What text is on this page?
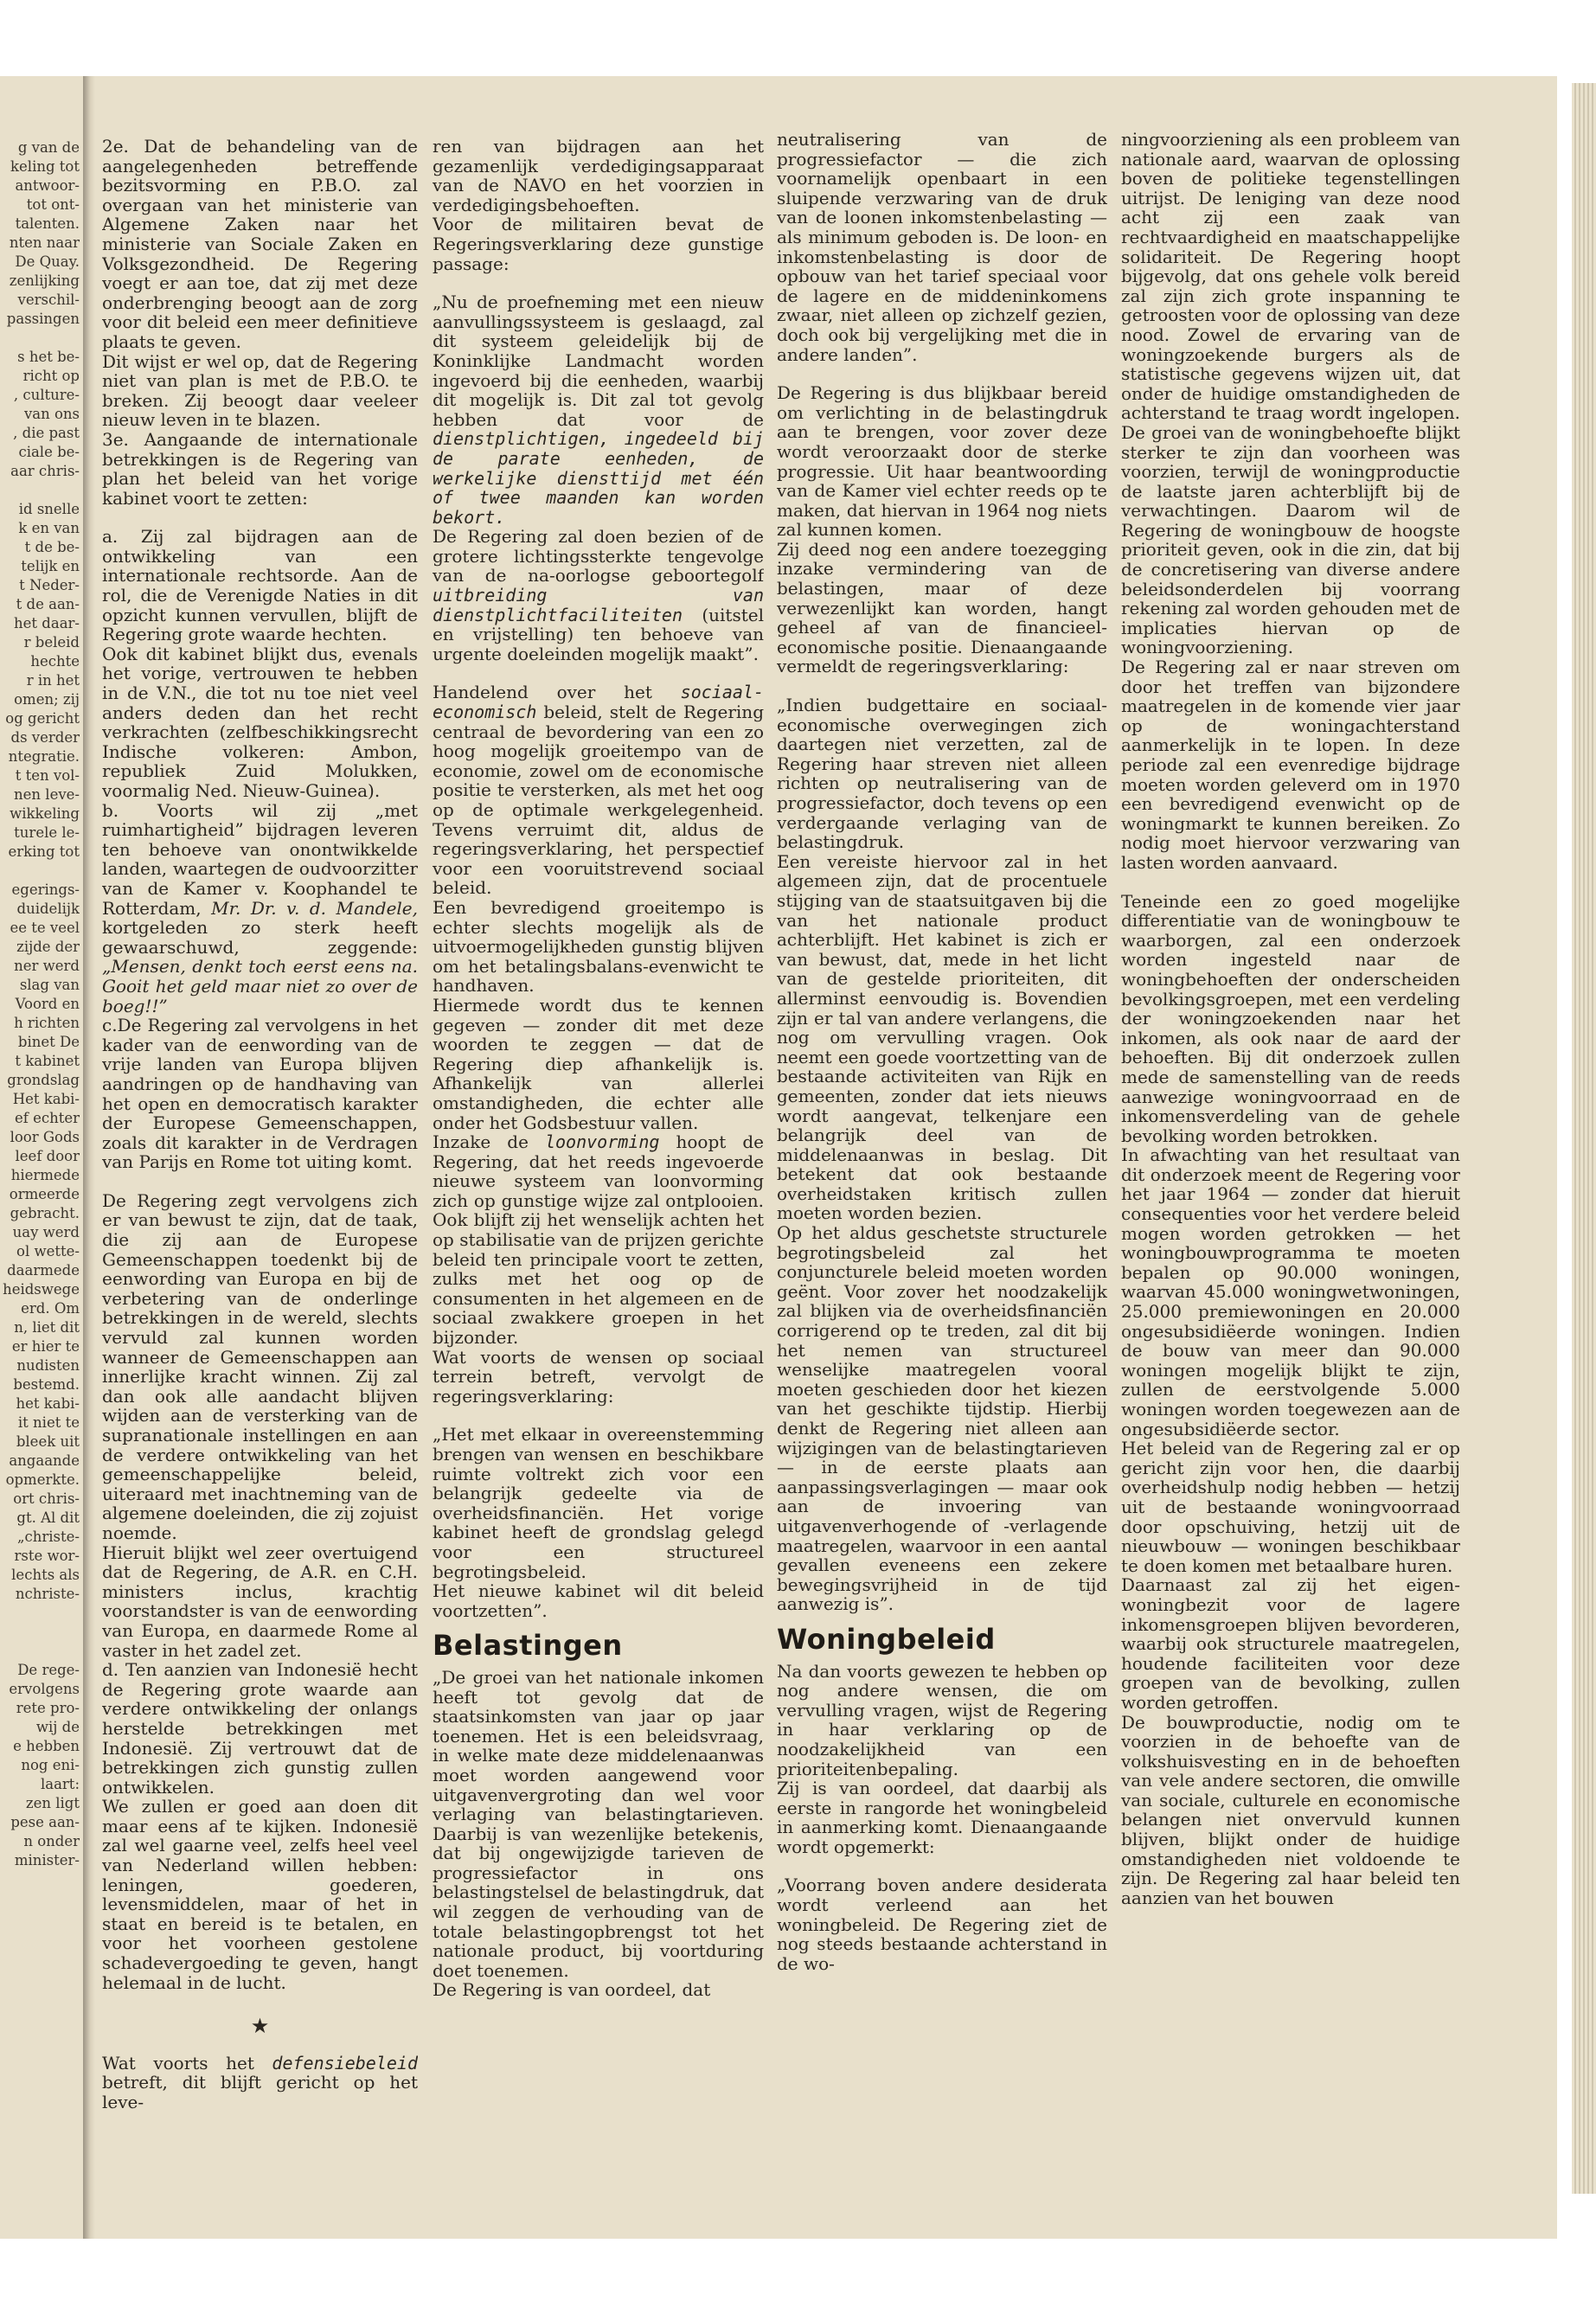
g van de
keling tot
antwoor-
tot ont-
talenten.
nten naar
De Quay.
zenlijking
verschil-
passingen

s het be-
richt op
, culture-
van ons
, die past
ciale be-
aar chris-

id snelle
k en van
t de be-
telijk en
t Neder-
t de aan-
het daar-
r beleid
hechte
r in het
omen; zij
og gericht
ds verder
ntegratie.
t ten vol-
nen leve-
wikkeling
turele le-
erking tot

egerings-
duidelijk
ee te veel
zijde der
ner werd
slag van
Voord en
h richten
binet De
t kabinet
grondslag
Het kabi-
ef echter
loor Gods
leef door
hiermede
ormeerde
gebracht.
uay werd
ol wette-
daarmede
heidswege
erd. Om
n, liet dit
er hier te
nudisten
bestemd.
het kabi-
it niet te
bleek uit
angaande
opmerkte.
ort chris-
gt. Al dit
„christe-
rste wor-
lechts als
nchriste-

De rege-
ervolgens
rete pro-
wij de
e hebben
nog eni-
laart:
zen ligt
pese aan-
n onder
minister-

2e. Dat de behandeling van de aangelegenheden betreffende bezitsvorming en P.B.O. zal overgaan van het ministerie van Algemene Zaken naar het ministerie van Sociale Zaken en Volksgezondheid. De Regering voegt er aan toe, dat zij met deze onderbrenging beoogt aan de zorg voor dit beleid een meer definitieve plaats te geven.

Dit wijst er wel op, dat de Regering niet van plan is met de P.B.O. te breken. Zij beoogt daar veeleer nieuw leven in te blazen.

3e. Aangaande de internationale betrekkingen is de Regering van plan het beleid van het vorige kabinet voort te zetten:

a. Zij zal bijdragen aan de ontwikkeling van een internationale rechtsorde. Aan de rol, die de Verenigde Naties in dit opzicht kunnen vervullen, blijft de Regering grote waarde hechten.

Ook dit kabinet blijkt dus, evenals het vorige, vertrouwen te hebben in de V.N., die tot nu toe niet veel anders deden dan het recht verkrachten (zelfbeschikkingsrecht Indische volkeren: Ambon, republiek Zuid Molukken, voormalig Ned. Nieuw-Guinea).

b. Voorts wil zij „met ruimhartigheid” bijdragen leveren ten behoeve van onontwikkelde landen, waartegen de oudvoorzitter van de Kamer v. Koophandel te Rotterdam, Mr. Dr. v. d. Mandele, kortgeleden zo sterk heeft gewaarschuwd, zeggende: „Mensen, denkt toch eerst eens na. Gooit het geld maar niet zo over de boeg!!”

c.De Regering zal vervolgens in het kader van de eenwording van de vrije landen van Europa blijven aandringen op de handhaving van het open en democratisch karakter der Europese Gemeenschappen, zoals dit karakter in de Verdragen van Parijs en Rome tot uiting komt.

De Regering zegt vervolgens zich er van bewust te zijn, dat de taak, die zij aan de Europese Gemeenschappen toedenkt bij de eenwording van Europa en bij de verbetering van de onderlinge betrekkingen in de wereld, slechts vervuld zal kunnen worden wanneer de Gemeenschappen aan innerlijke kracht winnen. Zij zal dan ook alle aandacht blijven wijden aan de versterking van de supranationale instellingen en aan de verdere ontwikkeling van het gemeenschappelijke beleid, uiteraard met inachtneming van de algemene doeleinden, die zij zojuist noemde.

Hieruit blijkt wel zeer overtuigend dat de Regering, de A.R. en C.H. ministers inclus, krachtig voorstandster is van de eenwording van Europa, en daarmede Rome al vaster in het zadel zet.

d. Ten aanzien van Indonesië hecht de Regering grote waarde aan verdere ontwikkeling der onlangs herstelde betrekkingen met Indonesië. Zij vertrouwt dat de betrekkingen zich gunstig zullen ontwikkelen.

We zullen er goed aan doen dit maar eens af te kijken. Indonesië zal wel gaarne veel, zelfs heel veel van Nederland willen hebben: leningen, goederen, levensmiddelen, maar of het in staat en bereid is te betalen, en voor het voorheen gestolene schadevergoeding te geven, hangt helemaal in de lucht.

★

Wat voorts het defensiebeleid betreft, dit blijft gericht op het leve-

ren van bijdragen aan het gezamenlijk verdedigingsapparaat van de NAVO en het voorzien in verdedigingsbehoeften.

Voor de militairen bevat de Regeringsverklaring deze gunstige passage:

„Nu de proefneming met een nieuw aanvullingssysteem is geslaagd, zal dit systeem geleidelijk bij de Koninklijke Landmacht worden ingevoerd bij die eenheden, waarbij dit mogelijk is. Dit zal tot gevolg hebben dat voor de dienstplichtigen, ingedeeld bij de parate eenheden, de werkelijke diensttijd met één of twee maanden kan worden bekort.

De Regering zal doen bezien of de grotere lichtingssterkte tengevolge van de na-oorlogse geboortegolf uitbreiding van dienstplichtfaciliteiten (uitstel en vrijstelling) ten behoeve van urgente doeleinden mogelijk maakt”.

Handelend over het sociaal-economisch beleid, stelt de Regering centraal de bevordering van een zo hoog mogelijk groeitempo van de economie, zowel om de economische positie te versterken, als met het oog op de optimale werkgelegenheid. Tevens verruimt dit, aldus de regeringsverklaring, het perspectief voor een vooruitstrevend sociaal beleid.

Een bevredigend groeitempo is echter slechts mogelijk als de uitvoermogelijkheden gunstig blijven om het betalingsbalans-evenwicht te handhaven.

Hiermede wordt dus te kennen gegeven — zonder dit met deze woorden te zeggen — dat de Regering diep afhankelijk is. Afhankelijk van allerlei omstandigheden, die echter alle onder het Godsbestuur vallen.

Inzake de loonvorming hoopt de Regering, dat het reeds ingevoerde nieuwe systeem van loonvorming zich op gunstige wijze zal ontplooien. Ook blijft zij het wenselijk achten het op stabilisatie van de prijzen gerichte beleid ten principale voort te zetten, zulks met het oog op de consumenten in het algemeen en de sociaal zwakkere groepen in het bijzonder.

Wat voorts de wensen op sociaal terrein betreft, vervolgt de regeringsverklaring:

„Het met elkaar in overeenstemming brengen van wensen en beschikbare ruimte voltrekt zich voor een belangrijk gedeelte via de overheidsfinanciën. Het vorige kabinet heeft de grondslag gelegd voor een structureel begrotingsbeleid.

Het nieuwe kabinet wil dit beleid voortzetten”.

Belastingen

„De groei van het nationale inkomen heeft tot gevolg dat de staatsinkomsten van jaar op jaar toenemen. Het is een beleidsvraag, in welke mate deze middelenaanwas moet worden aangewend voor uitgavenvergroting dan wel voor verlaging van belastingtarieven. Daarbij is van wezenlijke betekenis, dat bij ongewijzigde tarieven de progressiefactor in ons belastingstelsel de belastingdruk, dat wil zeggen de verhouding van de totale belastingopbrengst tot het nationale product, bij voortduring doet toenemen.

De Regering is van oordeel, dat

neutralisering van de progressiefactor — die zich voornamelijk openbaart in een sluipende verzwaring van de druk van de loonen inkomstenbelasting — als minimum geboden is. De loon- en inkomstenbelasting is door de opbouw van het tarief speciaal voor de lagere en de middeninkomens zwaar, niet alleen op zichzelf gezien, doch ook bij vergelijking met die in andere landen”.

De Regering is dus blijkbaar bereid om verlichting in de belastingdruk aan te brengen, voor zover deze wordt veroorzaakt door de sterke progressie. Uit haar beantwoording van de Kamer viel echter reeds op te maken, dat hiervan in 1964 nog niets zal kunnen komen.

Zij deed nog een andere toezegging inzake vermindering van de belastingen, maar of deze verwezenlijkt kan worden, hangt geheel af van de financieel-economische positie. Dienaangaande vermeldt de regeringsverklaring:

„Indien budgettaire en sociaal-economische overwegingen zich daartegen niet verzetten, zal de Regering haar streven niet alleen richten op neutralisering van de progressiefactor, doch tevens op een verdergaande verlaging van de belastingdruk.

Een vereiste hiervoor zal in het algemeen zijn, dat de procentuele stijging van de staatsuitgaven bij die van het nationale product achterblijft. Het kabinet is zich er van bewust, dat, mede in het licht van de gestelde prioriteiten, dit allerminst eenvoudig is. Bovendien zijn er tal van andere verlangens, die nog om vervulling vragen. Ook neemt een goede voortzetting van de bestaande activiteiten van Rijk en gemeenten, zonder dat iets nieuws wordt aangevat, telkenjare een belangrijk deel van de middelenaanwas in beslag. Dit betekent dat ook bestaande overheidstaken kritisch zullen moeten worden bezien.

Op het aldus geschetste structurele begrotingsbeleid zal het conjuncturele beleid moeten worden geënt. Voor zover het noodzakelijk zal blijken via de overheidsfinanciën corrigerend op te treden, zal dit bij het nemen van structureel wenselijke maatregelen vooral moeten geschieden door het kiezen van het geschikte tijdstip. Hierbij denkt de Regering niet alleen aan wijzigingen van de belastingtarieven — in de eerste plaats aan aanpassingsverlagingen — maar ook aan de invoering van uitgavenverhogende of -verlagende maatregelen, waarvoor in een aantal gevallen eveneens een zekere bewegingsvrijheid in de tijd aanwezig is”.

Woningbeleid

Na dan voorts gewezen te hebben op nog andere wensen, die om vervulling vragen, wijst de Regering in haar verklaring op de noodzakelijkheid van een prioriteitenbepaling.

Zij is van oordeel, dat daarbij als eerste in rangorde het woningbeleid in aanmerking komt. Dienaangaande wordt opgemerkt:

„Voorrang boven andere desiderata wordt verleend aan het woningbeleid. De Regering ziet de nog steeds bestaande achterstand in de wo-

ningvoorziening als een probleem van nationale aard, waarvan de oplossing boven de politieke tegenstellingen uitrijst. De leniging van deze nood acht zij een zaak van rechtvaardigheid en maatschappelijke solidariteit. De Regering hoopt bijgevolg, dat ons gehele volk bereid zal zijn zich grote inspanning te getroosten voor de oplossing van deze nood. Zowel de ervaring van de woningzoekende burgers als de statistische gegevens wijzen uit, dat onder de huidige omstandigheden de achterstand te traag wordt ingelopen. De groei van de woningbehoefte blijkt sterker te zijn dan voorheen was voorzien, terwijl de woningproductie de laatste jaren achterblijft bij de verwachtingen. Daarom wil de Regering de woningbouw de hoogste prioriteit geven, ook in die zin, dat bij de concretisering van diverse andere beleidsonderdelen bij voorrang rekening zal worden gehouden met de implicaties hiervan op de woningvoorziening.

De Regering zal er naar streven om door het treffen van bijzondere maatregelen in de komende vier jaar op de woningachterstand aanmerkelijk in te lopen. In deze periode zal een evenredige bijdrage moeten worden geleverd om in 1970 een bevredigend evenwicht op de woningmarkt te kunnen bereiken. Zo nodig moet hiervoor verzwaring van lasten worden aanvaard.

Teneinde een zo goed mogelijke differentiatie van de woningbouw te waarborgen, zal een onderzoek worden ingesteld naar de woningbehoeften der onderscheiden bevolkingsgroepen, met een verdeling der woningzoekenden naar het inkomen, als ook naar de aard der behoeften. Bij dit onderzoek zullen mede de samenstelling van de reeds aanwezige woningvoorraad en de inkomensverdeling van de gehele bevolking worden betrokken.

In afwachting van het resultaat van dit onderzoek meent de Regering voor het jaar 1964 — zonder dat hieruit consequenties voor het verdere beleid mogen worden getrokken — het woningbouwprogramma te moeten bepalen op 90.000 woningen, waarvan 45.000 woningwetwoningen, 25.000 premiewoningen en 20.000 ongesubsidiëerde woningen. Indien de bouw van meer dan 90.000 woningen mogelijk blijkt te zijn, zullen de eerstvolgende 5.000 woningen worden toegewezen aan de ongesubsidiëerde sector.

Het beleid van de Regering zal er op gericht zijn voor hen, die daarbij overheidshulp nodig hebben — hetzij uit de bestaande woningvoorraad door opschuiving, hetzij uit de nieuwbouw — woningen beschikbaar te doen komen met betaalbare huren.

Daarnaast zal zij het eigen-woningbezit voor de lagere inkomensgroepen blijven bevorderen, waarbij ook structurele maatregelen, houdende faciliteiten voor deze groepen van de bevolking, zullen worden getroffen.

De bouwproductie, nodig om te voorzien in de behoefte van de volkshuisvesting en in de behoeften van vele andere sectoren, die omwille van sociale, culturele en economische belangen niet onvervuld kunnen blijven, blijkt onder de huidige omstandigheden niet voldoende te zijn. De Regering zal haar beleid ten aanzien van het bouwen
